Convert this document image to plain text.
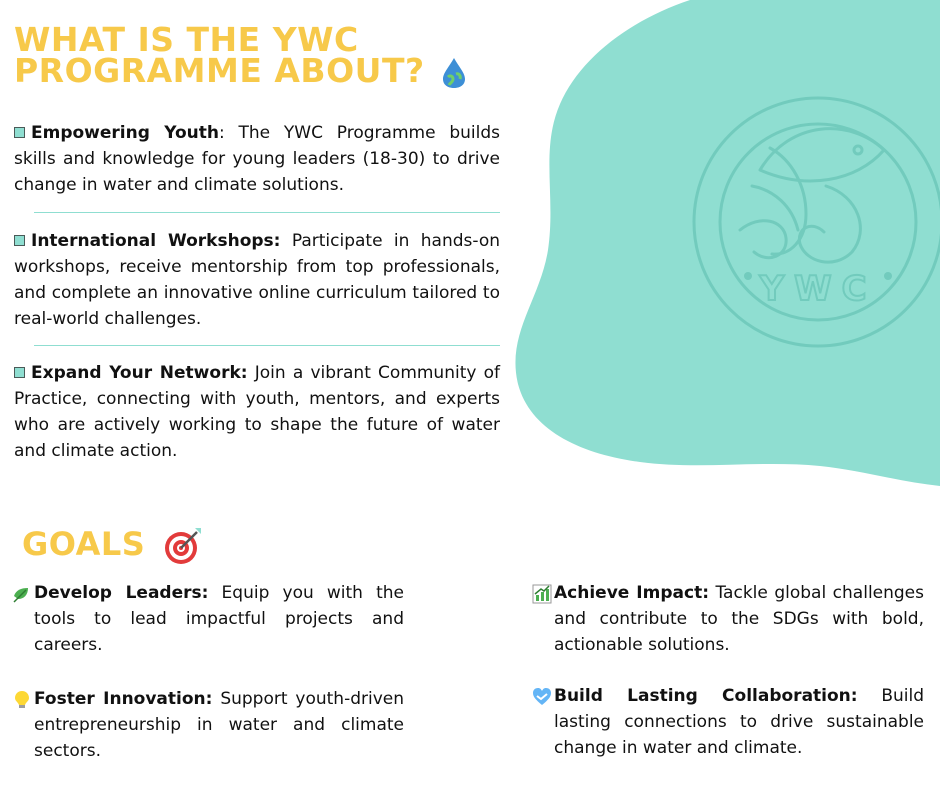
YWC
WHAT IS THE YWC PROGRAMME ABOUT?
Empowering Youth: The YWC Programme builds skills and knowledge for young leaders (18-30) to drive change in water and climate solutions.
International Workshops: Participate in hands-on workshops, receive mentorship from top professionals, and complete an innovative online curriculum tailored to real-world challenges.
Expand Your Network: Join a vibrant Community of Practice, connecting with youth, mentors, and experts who are actively working to shape the future of water and climate action.
GOALS
Develop Leaders: Equip you with the tools to lead impactful projects and careers.
Achieve Impact: Tackle global challenges and contribute to the SDGs with bold, actionable solutions.
Foster Innovation: Support youth-driven entrepreneurship in water and climate sectors.
Build Lasting Collaboration: Build lasting connections to drive sustainable change in water and climate.
